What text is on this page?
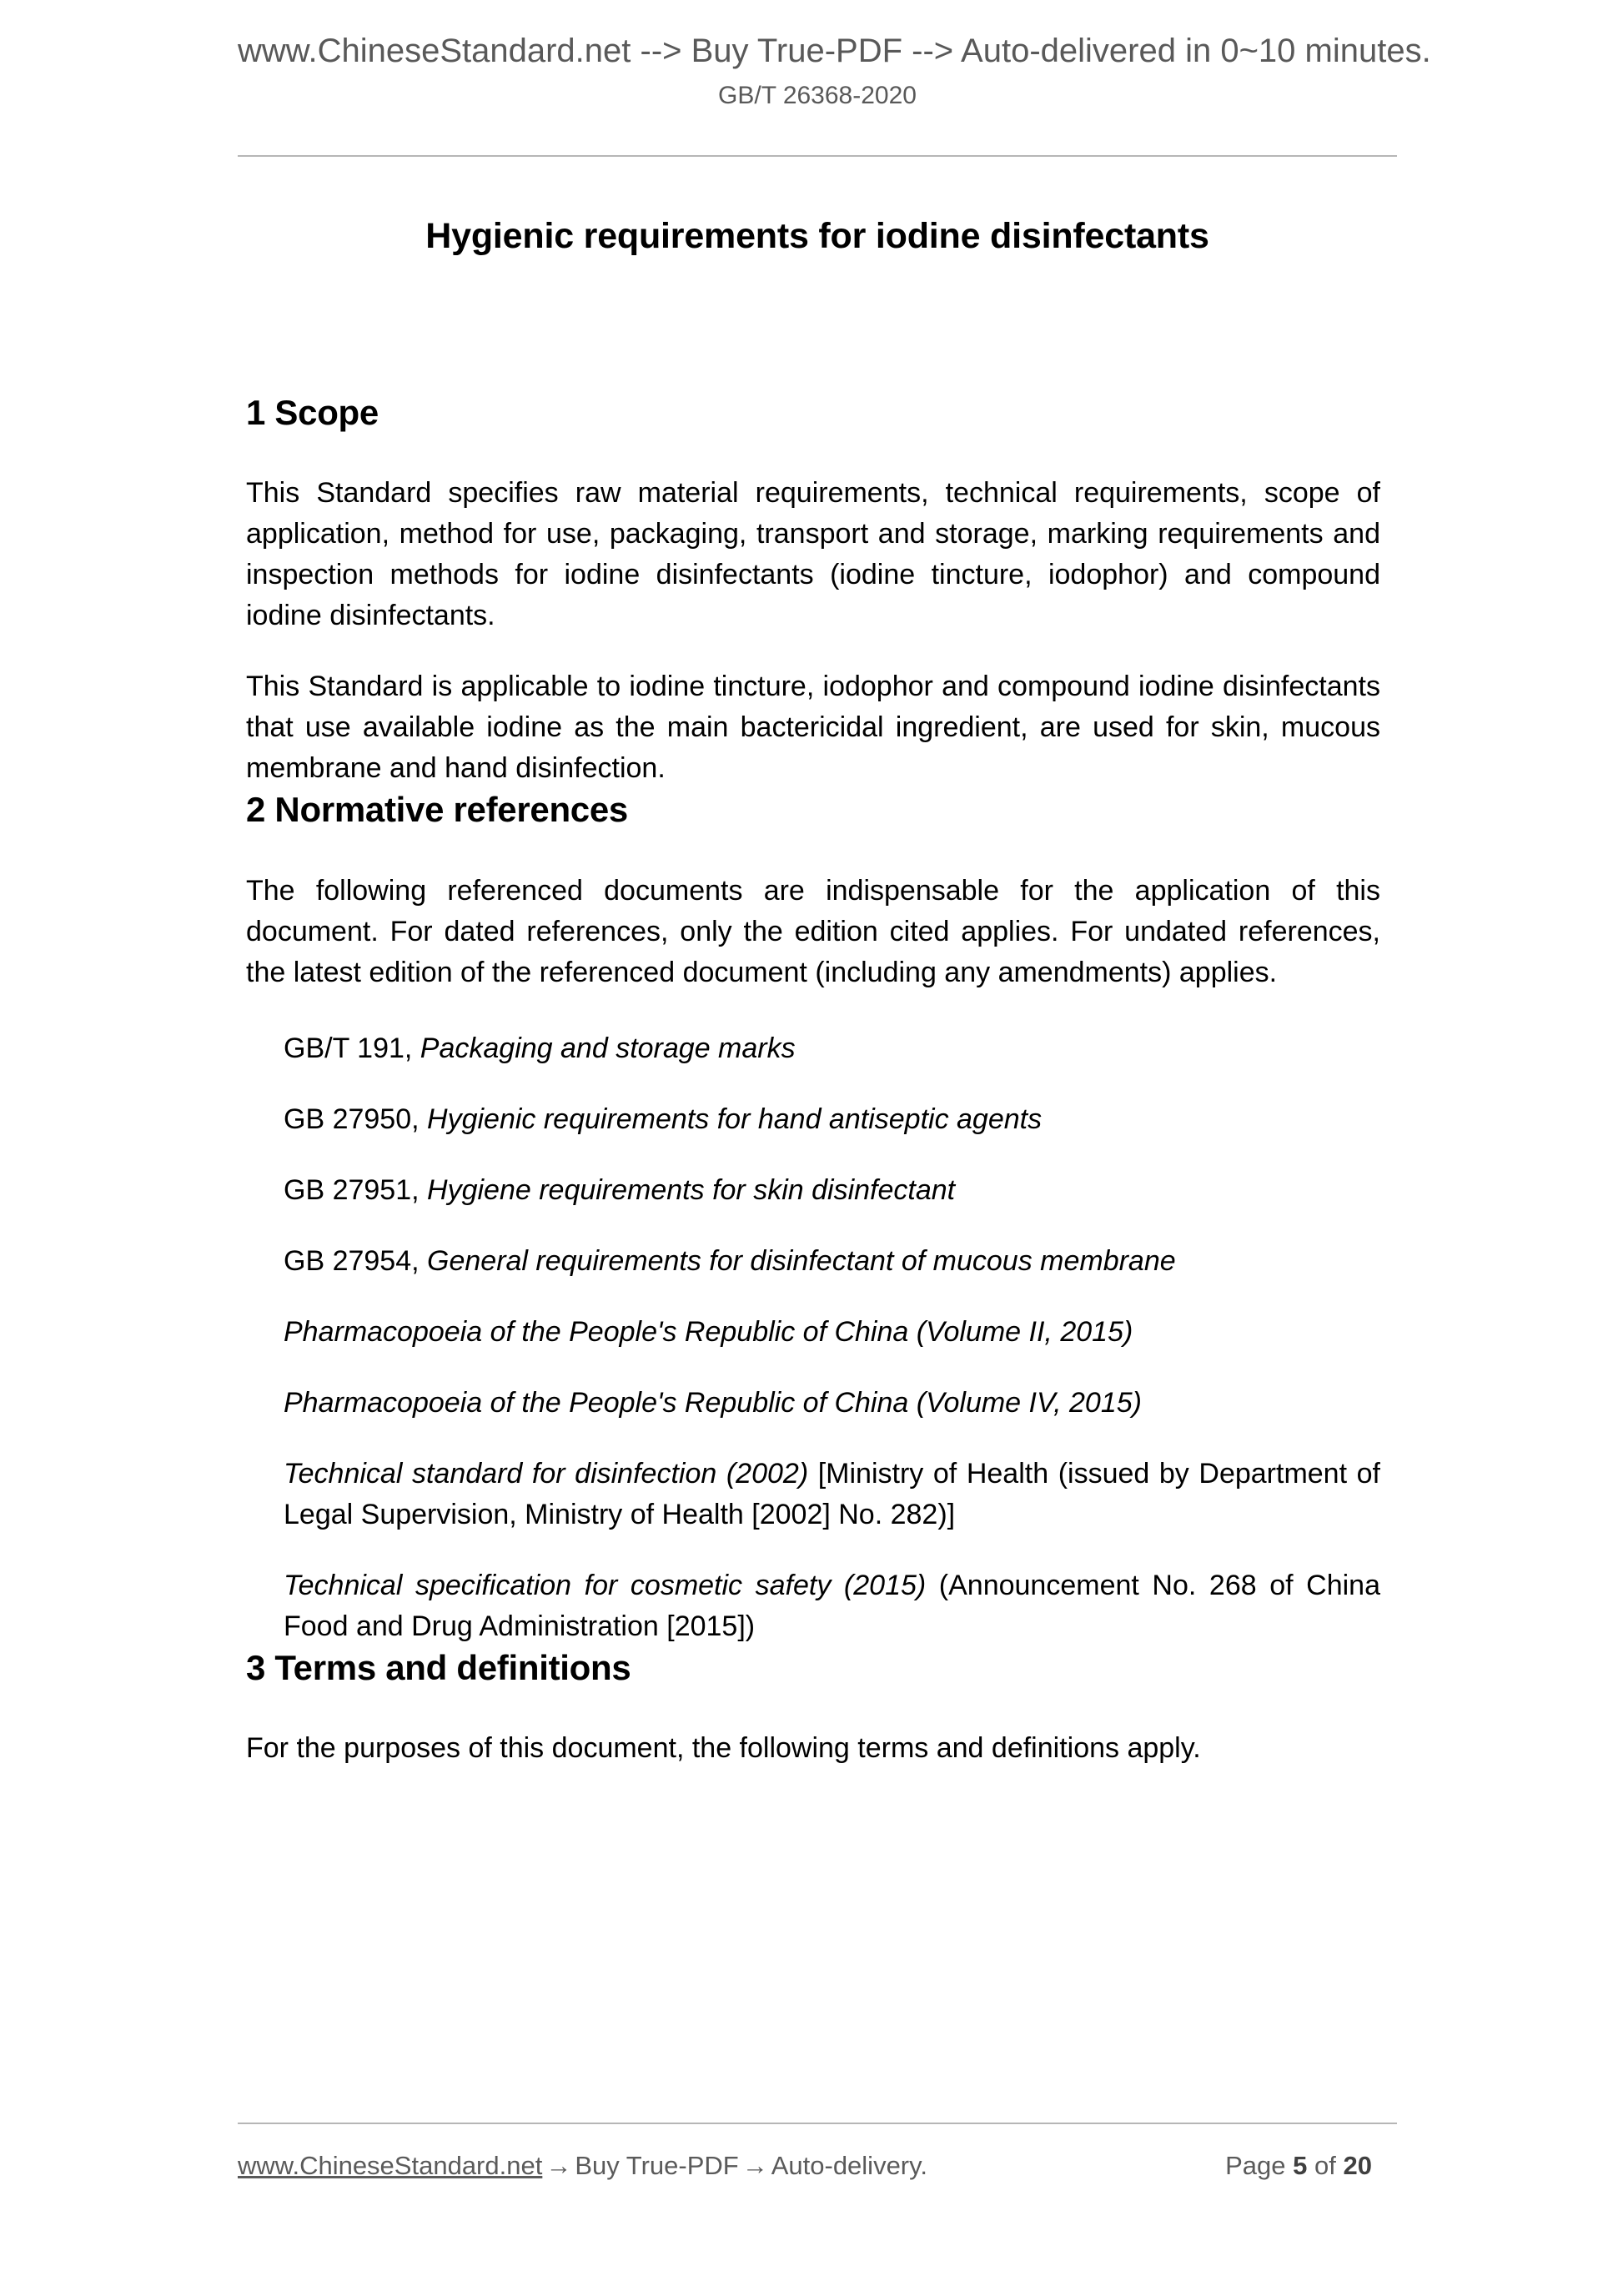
www.ChineseStandard.net --> Buy True-PDF --> Auto-delivered in 0~10 minutes.
GB/T 26368-2020
Hygienic requirements for iodine disinfectants
1 Scope

This Standard specifies raw material requirements, technical requirements, scope of application, method for use, packaging, transport and storage, marking requirements and inspection methods for iodine disinfectants (iodine tincture, iodophor) and compound iodine disinfectants.

This Standard is applicable to iodine tincture, iodophor and compound iodine disinfectants that use available iodine as the main bactericidal ingredient, are used for skin, mucous membrane and hand disinfection.

2 Normative references

The following referenced documents are indispensable for the application of this document. For dated references, only the edition cited applies. For undated references, the latest edition of the referenced document (including any amendments) applies.

GB/T 191, Packaging and storage marks
GB 27950, Hygienic requirements for hand antiseptic agents
GB 27951, Hygiene requirements for skin disinfectant
GB 27954, General requirements for disinfectant of mucous membrane
Pharmacopoeia of the People's Republic of China (Volume II, 2015)
Pharmacopoeia of the People's Republic of China (Volume IV, 2015)
Technical standard for disinfection (2002) [Ministry of Health (issued by Department of Legal Supervision, Ministry of Health [2002] No. 282)]
Technical specification for cosmetic safety (2015) (Announcement No. 268 of China Food and Drug Administration [2015])
3 Terms and definitions

For the purposes of this document, the following terms and definitions apply.

www.ChineseStandard.net → Buy True-PDF → Auto-delivery.	Page 5 of 20
